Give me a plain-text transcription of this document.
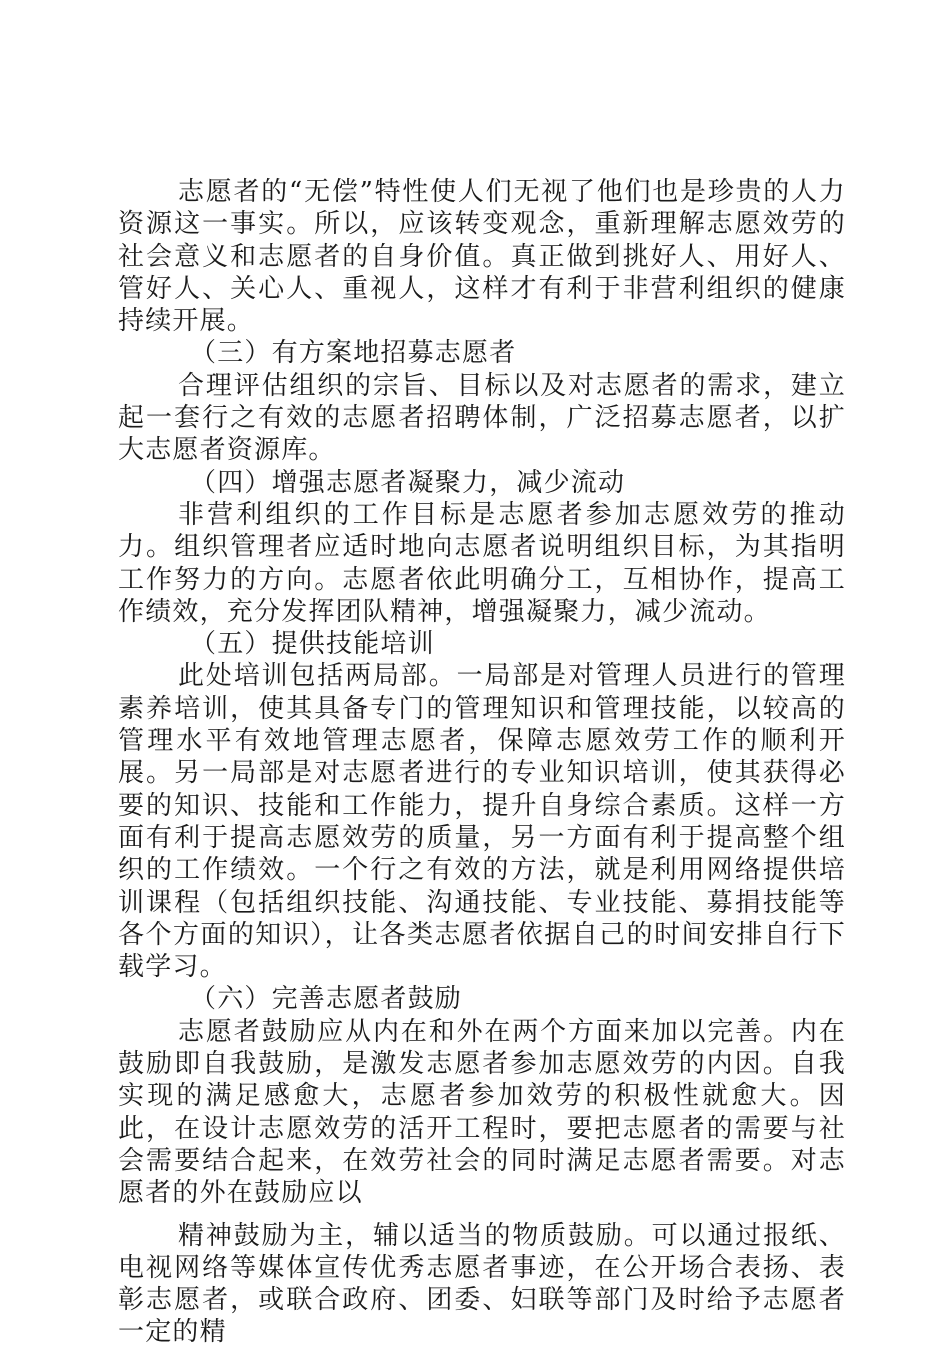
志愿者的“无偿”特性使人们无视了他们也是珍贵的人力资源这一事实。所以，应该转变观念，重新理解志愿效劳的社会意义和志愿者的自身价值。真正做到挑好人、用好人、管好人、关心人、重视人，这样才有利于非营利组织的健康持续开展。

（三）有方案地招募志愿者

合理评估组织的宗旨、目标以及对志愿者的需求，建立起一套行之有效的志愿者招聘体制，广泛招募志愿者，以扩大志愿者资源库。

（四）增强志愿者凝聚力，减少流动

非营利组织的工作目标是志愿者参加志愿效劳的推动力。组织管理者应适时地向志愿者说明组织目标，为其指明工作努力的方向。志愿者依此明确分工，互相协作，提高工作绩效，充分发挥团队精神，增强凝聚力，减少流动。

（五）提供技能培训

此处培训包括两局部。一局部是对管理人员进行的管理素养培训，使其具备专门的管理知识和管理技能，以较高的管理水平有效地管理志愿者，保障志愿效劳工作的顺利开展。另一局部是对志愿者进行的专业知识培训，使其获得必要的知识、技能和工作能力，提升自身综合素质。这样一方面有利于提高志愿效劳的质量，另一方面有利于提高整个组织的工作绩效。一个行之有效的方法，就是利用网络提供培训课程（包括组织技能、沟通技能、专业技能、募捐技能等各个方面的知识），让各类志愿者依据自己的时间安排自行下载学习。

（六）完善志愿者鼓励

志愿者鼓励应从内在和外在两个方面来加以完善。内在鼓励即自我鼓励，是激发志愿者参加志愿效劳的内因。自我实现的满足感愈大，志愿者参加效劳的积极性就愈大。因此，在设计志愿效劳的活开工程时，要把志愿者的需要与社会需要结合起来，在效劳社会的同时满足志愿者需要。对志愿者的外在鼓励应以

精神鼓励为主，辅以适当的物质鼓励。可以通过报纸、电视网络等媒体宣传优秀志愿者事迹，在公开场合表扬、表彰志愿者，或联合政府、团委、妇联等部门及时给予志愿者一定的精
